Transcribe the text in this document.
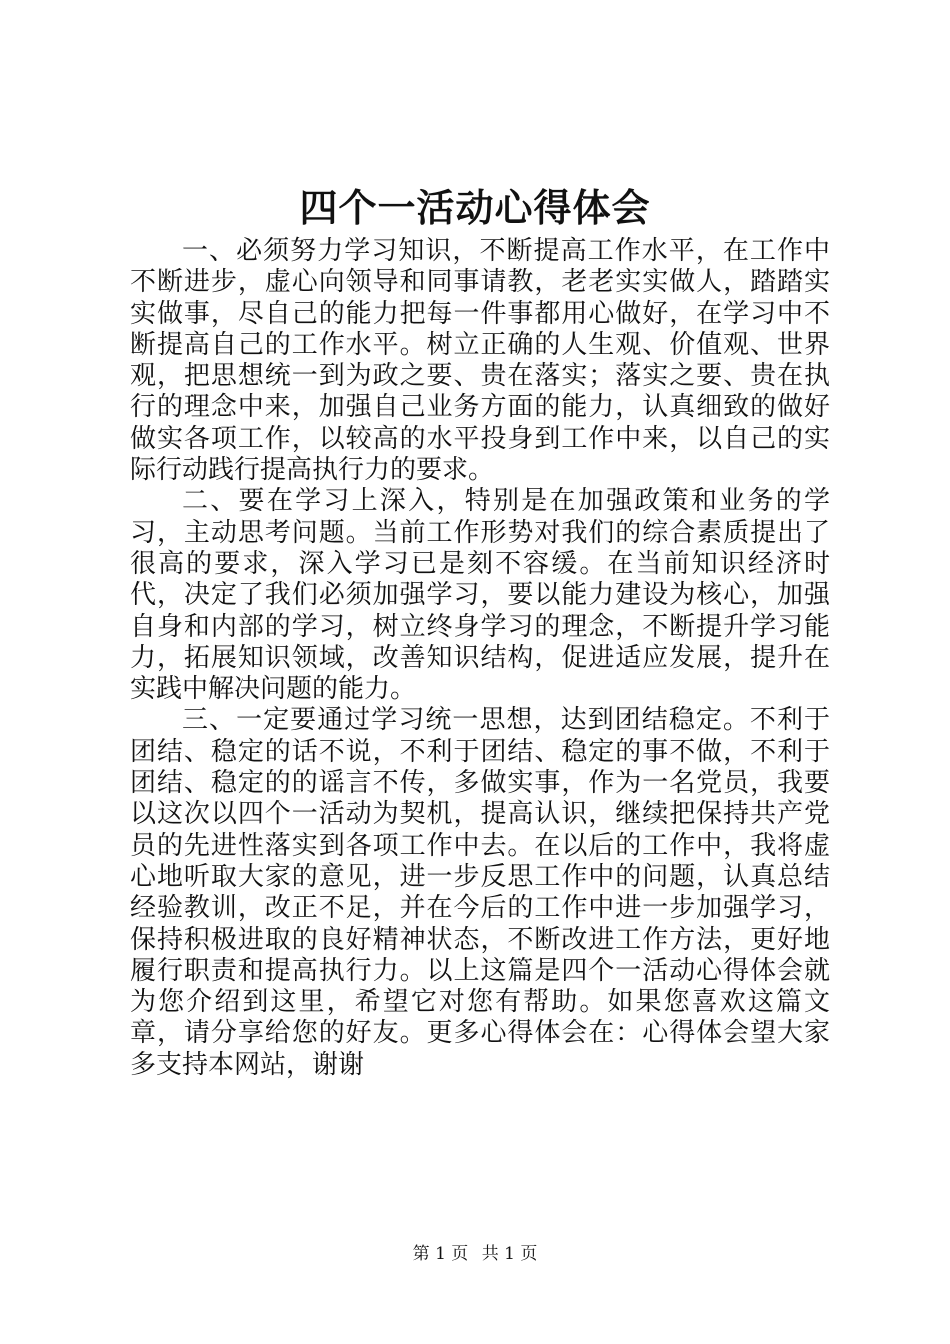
四个一活动心得体会

一、必须努力学习知识，不断提高工作水平，在工作中不断进步，虚心向领导和同事请教，老老实实做人，踏踏实实做事，尽自己的能力把每一件事都用心做好，在学习中不断提高自己的工作水平。树立正确的人生观、价值观、世界观，把思想统一到为政之要、贵在落实；落实之要、贵在执行的理念中来，加强自己业务方面的能力，认真细致的做好做实各项工作，以较高的水平投身到工作中来，以自己的实际行动践行提高执行力的要求。

二、要在学习上深入，特别是在加强政策和业务的学习，主动思考问题。当前工作形势对我们的综合素质提出了很高的要求，深入学习已是刻不容缓。在当前知识经济时代，决定了我们必须加强学习，要以能力建设为核心，加强自身和内部的学习，树立终身学习的理念，不断提升学习能力，拓展知识领域，改善知识结构，促进适应发展，提升在实践中解决问题的能力。

三、一定要通过学习统一思想，达到团结稳定。不利于团结、稳定的话不说，不利于团结、稳定的事不做，不利于团结、稳定的的谣言不传，多做实事，作为一名党员，我要以这次以四个一活动为契机，提高认识，继续把保持共产党员的先进性落实到各项工作中去。在以后的工作中，我将虚心地听取大家的意见，进一步反思工作中的问题，认真总结经验教训，改正不足，并在今后的工作中进一步加强学习，保持积极进取的良好精神状态，不断改进工作方法，更好地履行职责和提高执行力。以上这篇是四个一活动心得体会就为您介绍到这里，希望它对您有帮助。如果您喜欢这篇文章，请分享给您的好友。更多心得体会在：心得体会望大家多支持本网站，谢谢

第 1 页 共 1 页
